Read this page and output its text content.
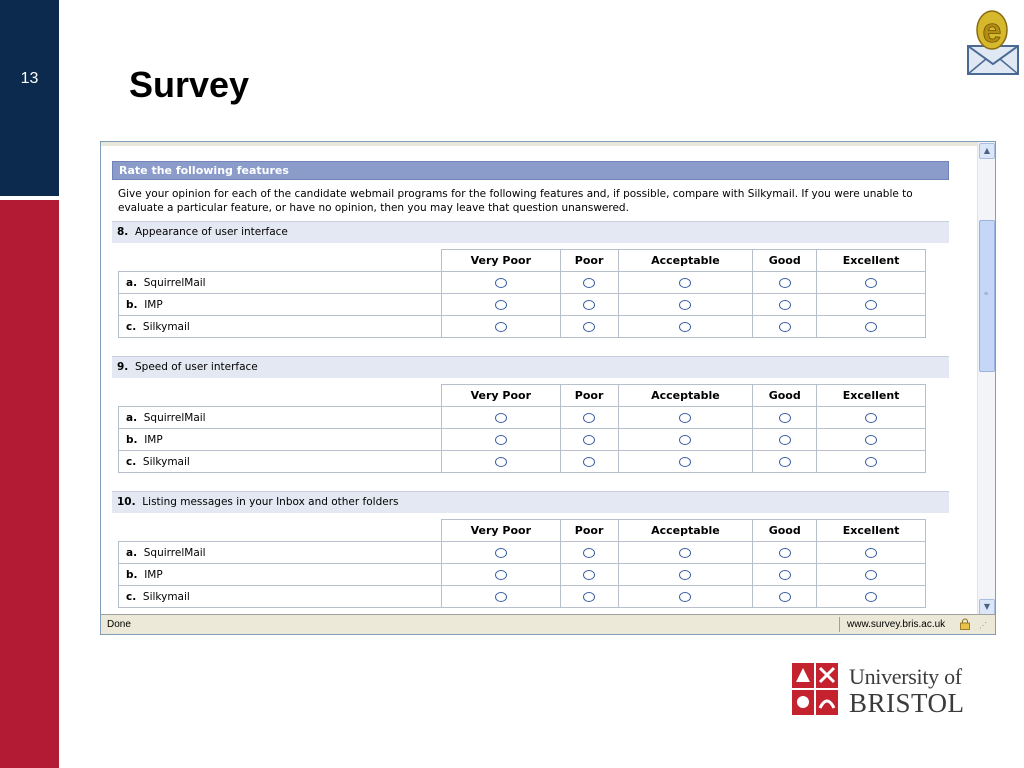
13	Survey
e
Rate the following features
Give your opinion for each of the candidate webmail programs for the following features and, if possible, compare with Silkymail. If you were unable to evaluate a particular feature, or have no opinion, then you may leave that question unanswered.
8. Appearance of user interface
	Very Poor	Poor	Acceptable	Good	Excellent
a. SquirrelMail					
b. IMP					
c. Silkymail					
9. Speed of user interface
	Very Poor	Poor	Acceptable	Good	Excellent
a. SquirrelMail					
b. IMP					
c. Silkymail					
10. Listing messages in your Inbox and other folders
	Very Poor	Poor	Acceptable	Good	Excellent
a. SquirrelMail					
b. IMP					
c. Silkymail					
▲
≡
▼
Done	www.survey.bris.ac.uk	⋰
University of
BRISTOL
